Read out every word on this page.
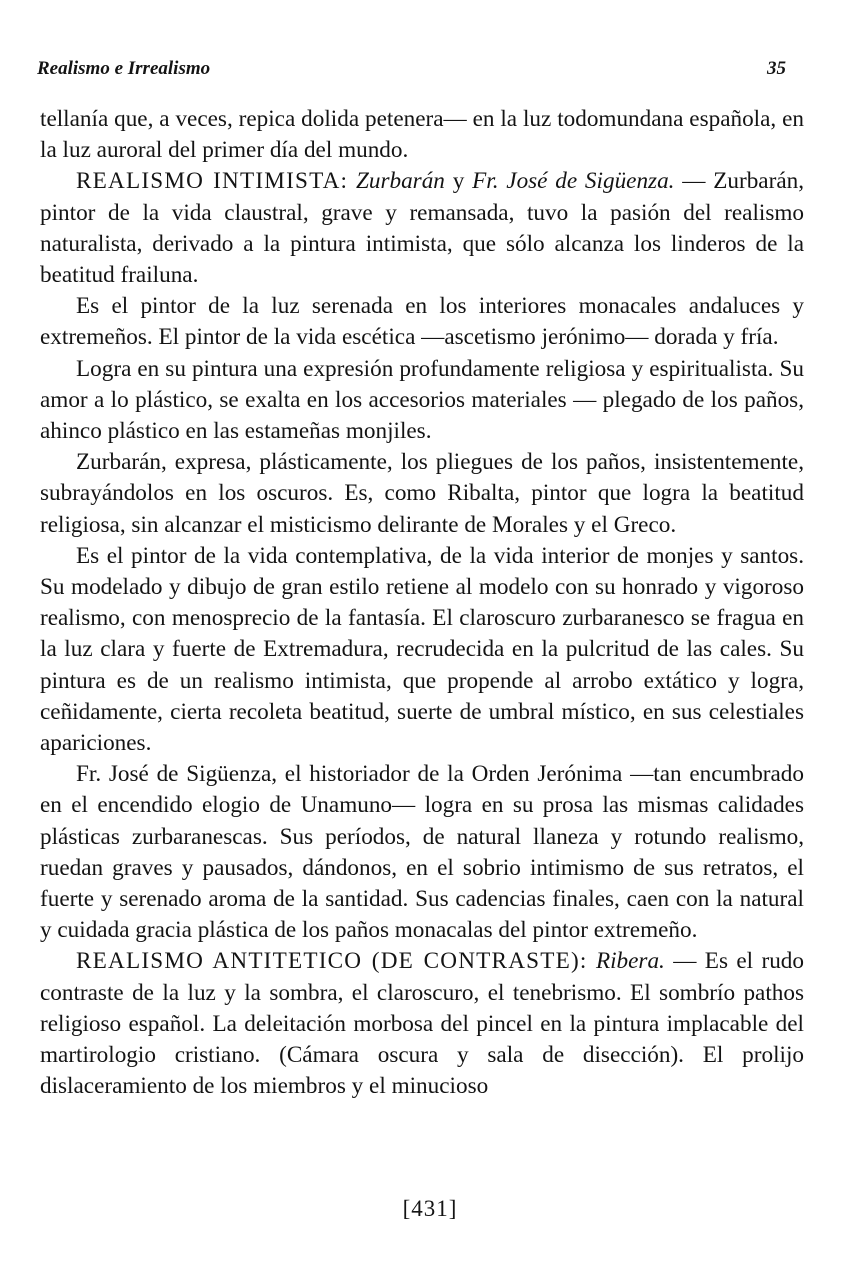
Realismo e Irrealismo	35

tellanía que, a veces, repica dolida petenera— en la luz todomundana española, en la luz auroral del primer día del mundo.

REALISMO INTIMISTA: Zurbarán y Fr. José de Sigüenza. — Zurbarán, pintor de la vida claustral, grave y remansada, tuvo la pasión del realismo naturalista, derivado a la pintura intimista, que sólo alcanza los linderos de la beatitud frailuna.

Es el pintor de la luz serenada en los interiores monacales andaluces y extremeños. El pintor de la vida escética —ascetismo jerónimo— dorada y fría.

Logra en su pintura una expresión profundamente religiosa y espiritualista. Su amor a lo plástico, se exalta en los accesorios materiales — plegado de los paños, ahinco plástico en las estameñas monjiles.

Zurbarán, expresa, plásticamente, los pliegues de los paños, insistentemente, subrayándolos en los oscuros. Es, como Ribalta, pintor que logra la beatitud religiosa, sin alcanzar el misticismo delirante de Morales y el Greco.

Es el pintor de la vida contemplativa, de la vida interior de monjes y santos. Su modelado y dibujo de gran estilo retiene al modelo con su honrado y vigoroso realismo, con menosprecio de la fantasía. El claroscuro zurbaranesco se fragua en la luz clara y fuerte de Extremadura, recrudecida en la pulcritud de las cales. Su pintura es de un realismo intimista, que propende al arrobo extático y logra, ceñidamente, cierta recoleta beatitud, suerte de umbral místico, en sus celestiales apariciones.

Fr. José de Sigüenza, el historiador de la Orden Jerónima —tan encumbrado en el encendido elogio de Unamuno— logra en su prosa las mismas calidades plásticas zurbaranescas. Sus períodos, de natural llaneza y rotundo realismo, ruedan graves y pausados, dándonos, en el sobrio intimismo de sus retratos, el fuerte y serenado aroma de la santidad. Sus cadencias finales, caen con la natural y cuidada gracia plástica de los paños monacalas del pintor extremeño.

REALISMO ANTITETICO (DE CONTRASTE): Ribera. — Es el rudo contraste de la luz y la sombra, el claroscuro, el tenebrismo. El sombrío pathos religioso español. La deleitación morbosa del pincel en la pintura implacable del martirologio cristiano. (Cámara oscura y sala de disección). El prolijo dislaceramiento de los miembros y el minucioso

[431]
